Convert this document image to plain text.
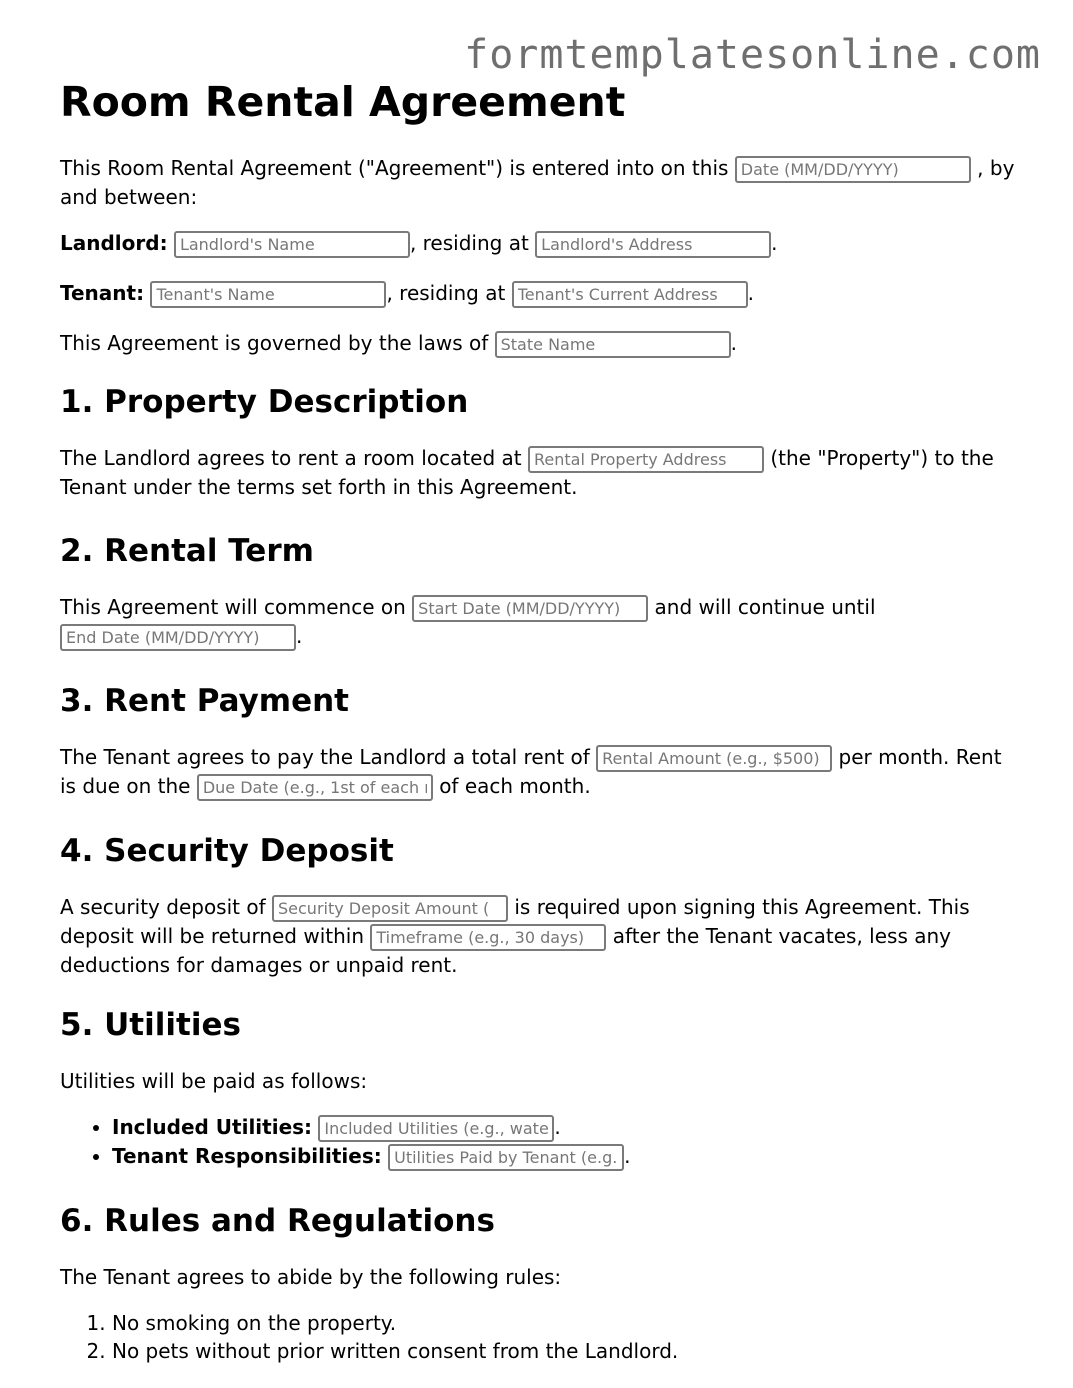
formtemplatesonline.com
Room Rental Agreement

This Room Rental Agreement ("Agreement") is entered into on this Date (MM/DD/YYYY)	, by and between:

Landlord: Landlord's Name	, residing at Landlord's Address	.

Tenant: Tenant's Name	, residing at Tenant's Current Address	.

This Agreement is governed by the laws of State Name	.

1. Property Description

The Landlord agrees to rent a room located at Rental Property Address	(the "Property") to the Tenant under the terms set forth in this Agreement.

2. Rental Term

This Agreement will commence on Start Date (MM/DD/YYYY)	and will continue until End Date (MM/DD/YYYY).

3. Rent Payment

The Tenant agrees to pay the Landlord a total rent of Rental Amount (e.g., $500)	per month. Rent is due on the Due Date (e.g., 1st of each month)	of each month.

4. Security Deposit

A security deposit of Security Deposit Amount (	is required upon signing this Agreement. This deposit will be returned within Timeframe (e.g., 30 days)	after the Tenant vacates, less any deductions for damages or unpaid rent.

5. Utilities

Utilities will be paid as follows:

• Included Utilities: Included Utilities (e.g., water)	.
• Tenant Responsibilities: Utilities Paid by Tenant (e.g.)	.
6. Rules and Regulations

The Tenant agrees to abide by the following rules:

1. No smoking on the property.
2. No pets without prior written consent from the Landlord.
